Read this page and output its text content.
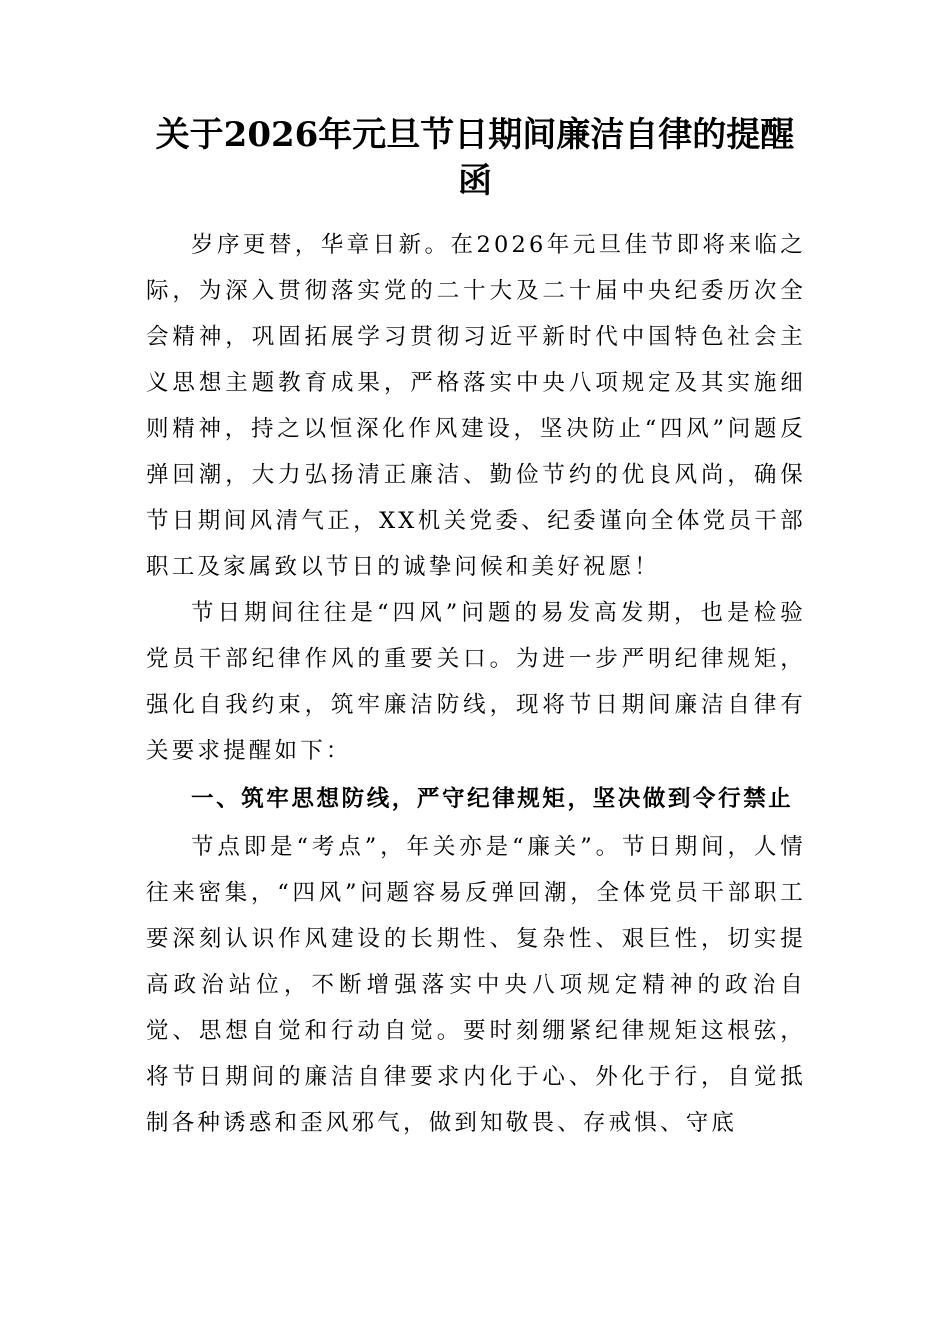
关于2026年元旦节日期间廉洁自律的提醒函

岁序更替，华章日新。在2026年元旦佳节即将来临之际，为深入贯彻落实党的二十大及二十届中央纪委历次全会精神，巩固拓展学习贯彻习近平新时代中国特色社会主义思想主题教育成果，严格落实中央八项规定及其实施细则精神，持之以恒深化作风建设，坚决防止“四风”问题反弹回潮，大力弘扬清正廉洁、勤俭节约的优良风尚，确保节日期间风清气正，XX机关党委、纪委谨向全体党员干部职工及家属致以节日的诚挚问候和美好祝愿！

节日期间往往是“四风”问题的易发高发期，也是检验党员干部纪律作风的重要关口。为进一步严明纪律规矩，强化自我约束，筑牢廉洁防线，现将节日期间廉洁自律有关要求提醒如下：

一、筑牢思想防线，严守纪律规矩，坚决做到令行禁止

节点即是“考点”，年关亦是“廉关”。节日期间，人情往来密集，“四风”问题容易反弹回潮，全体党员干部职工要深刻认识作风建设的长期性、复杂性、艰巨性，切实提高政治站位，不断增强落实中央八项规定精神的政治自觉、思想自觉和行动自觉。要时刻绷紧纪律规矩这根弦，将节日期间的廉洁自律要求内化于心、外化于行，自觉抵制各种诱惑和歪风邪气，做到知敬畏、存戒惧、守底
